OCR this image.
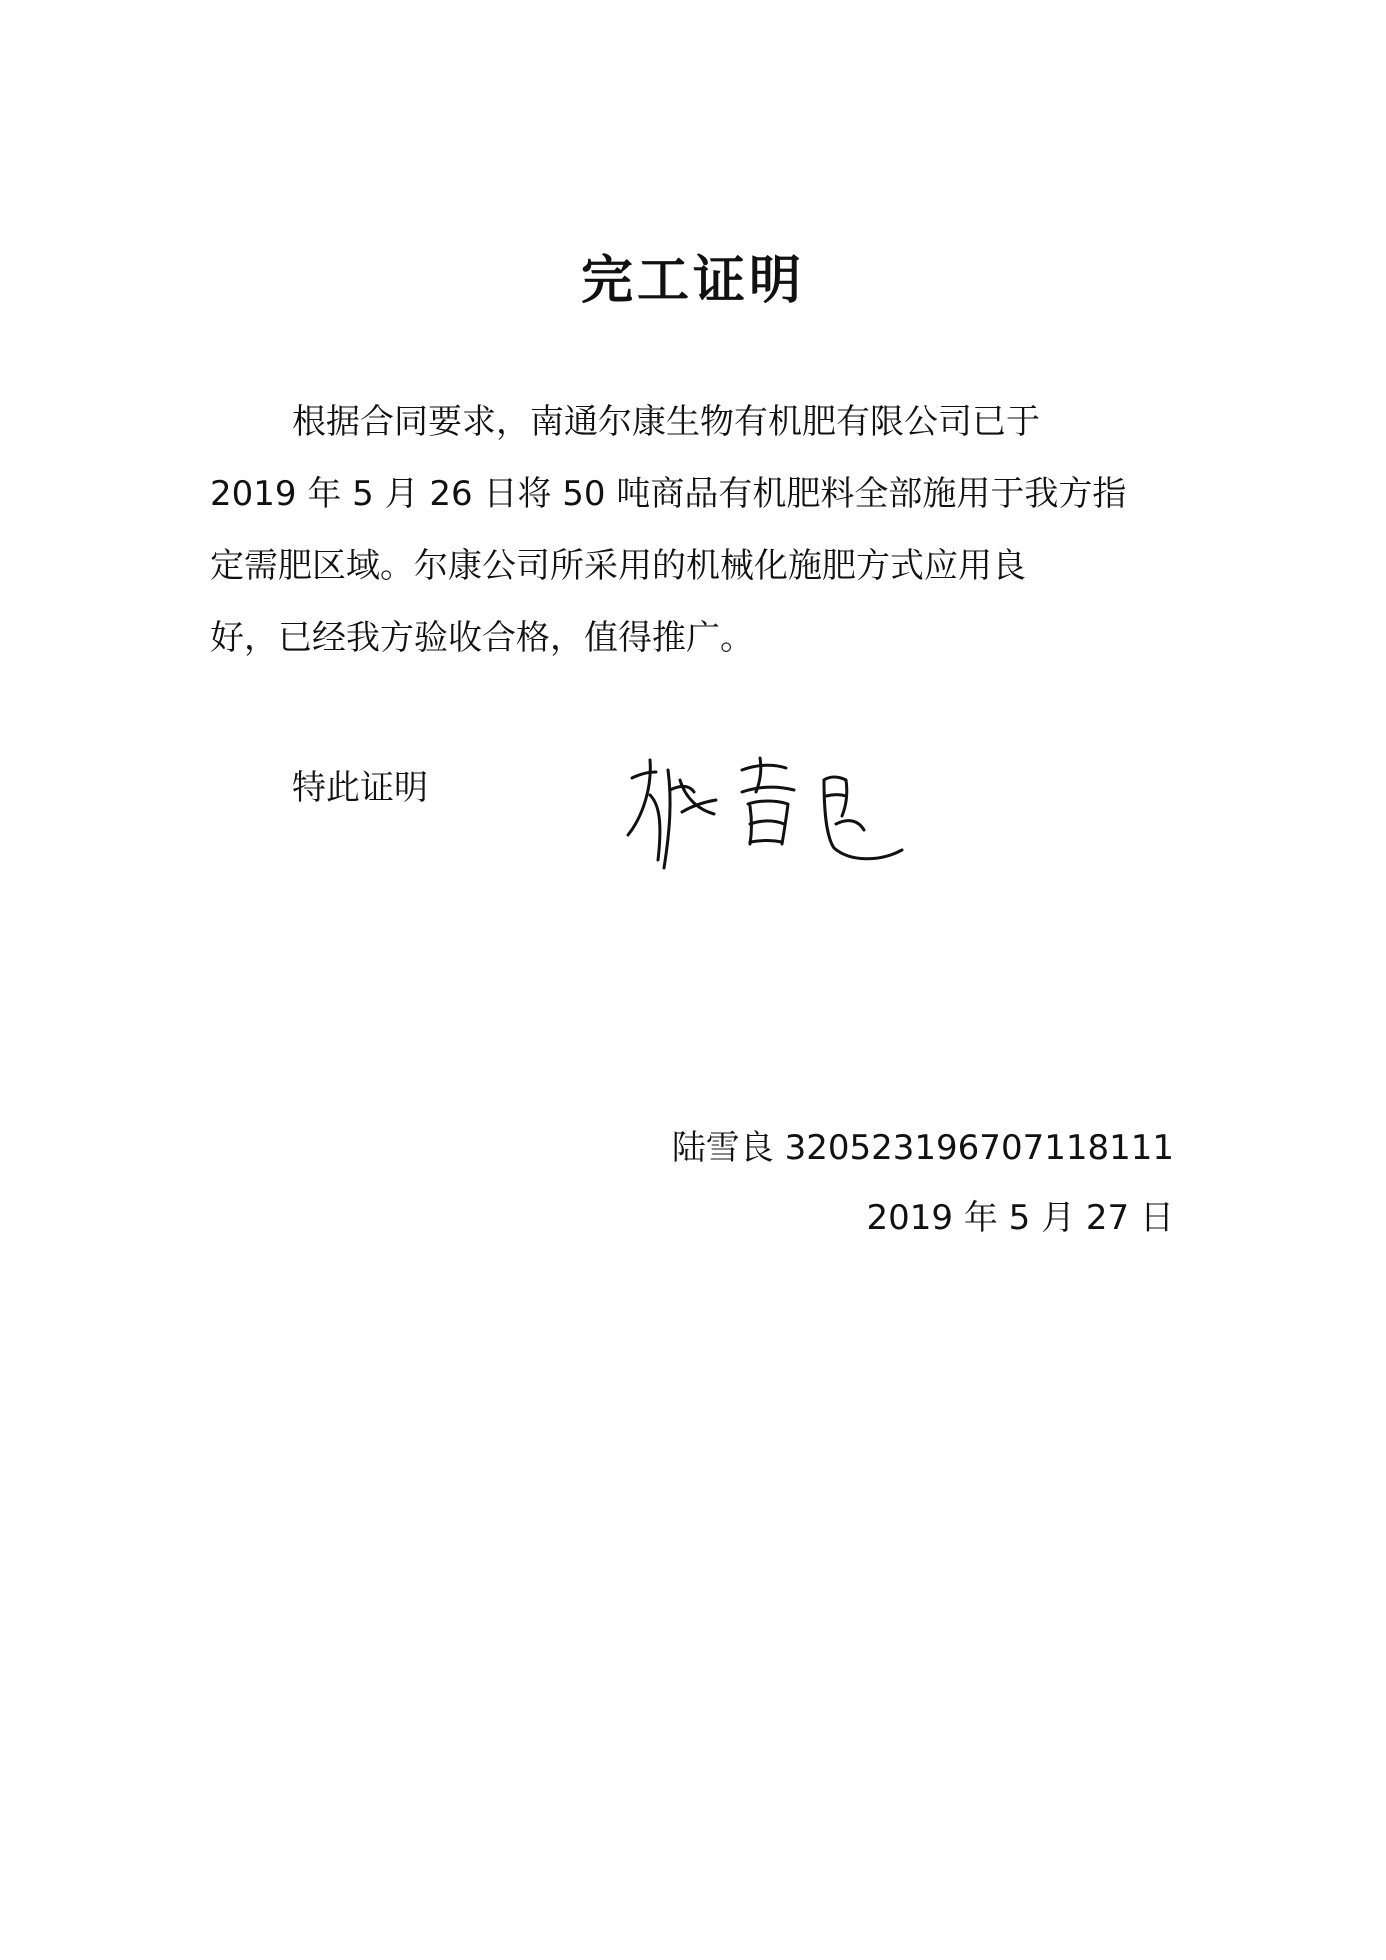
完工证明
根据合同要求，南通尔康生物有机肥有限公司已于
2019 年 5 月 26 日将 50 吨商品有机肥料全部施用于我方指
定需肥区域。尔康公司所采用的机械化施肥方式应用良
好，已经我方验收合格，值得推广。
特此证明
陆雪良 320523196707118111
2019 年 5 月 27 日
